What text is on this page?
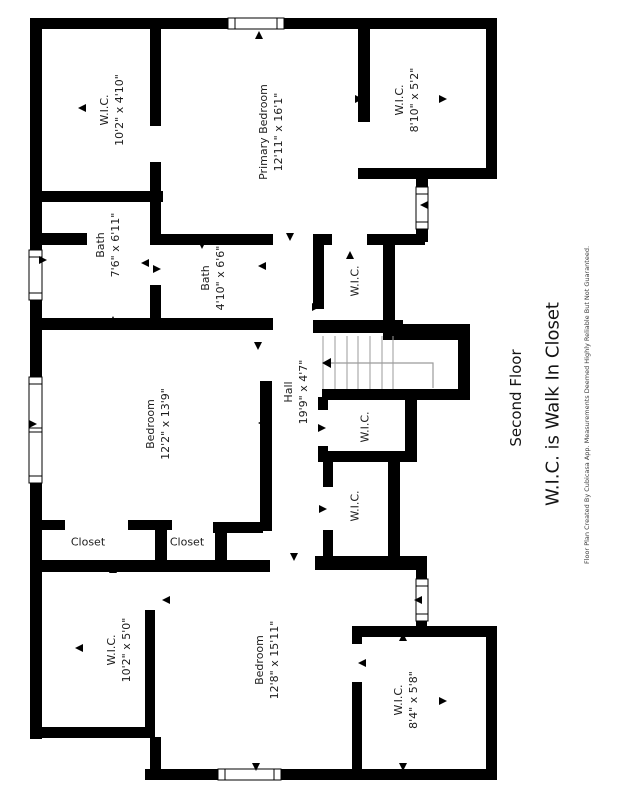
W.I.C. 10'2" x 4'10"	Primary Bedroom 12'11" x 16'1"	W.I.C. 8'10" x 5'2"
Bath 7'6" x 6'11"
Bath 4'10" x 6'6"	W.I.C.
Hall 19'9" x 4'7"
Bedroom 12'2" x 13'9"	W.I.C.
W.I.C.
Closet	Closet
W.I.C. 10'2" x 5'0"	Bedroom 12'8" x 15'11"
W.I.C. 8'4" x 5'8"
Second Floor W.I.C. is Walk In Closet	Floor Plan Created By Cubicasa App. Measurements Deemed Highly Reliable But Not Guaranteed.
